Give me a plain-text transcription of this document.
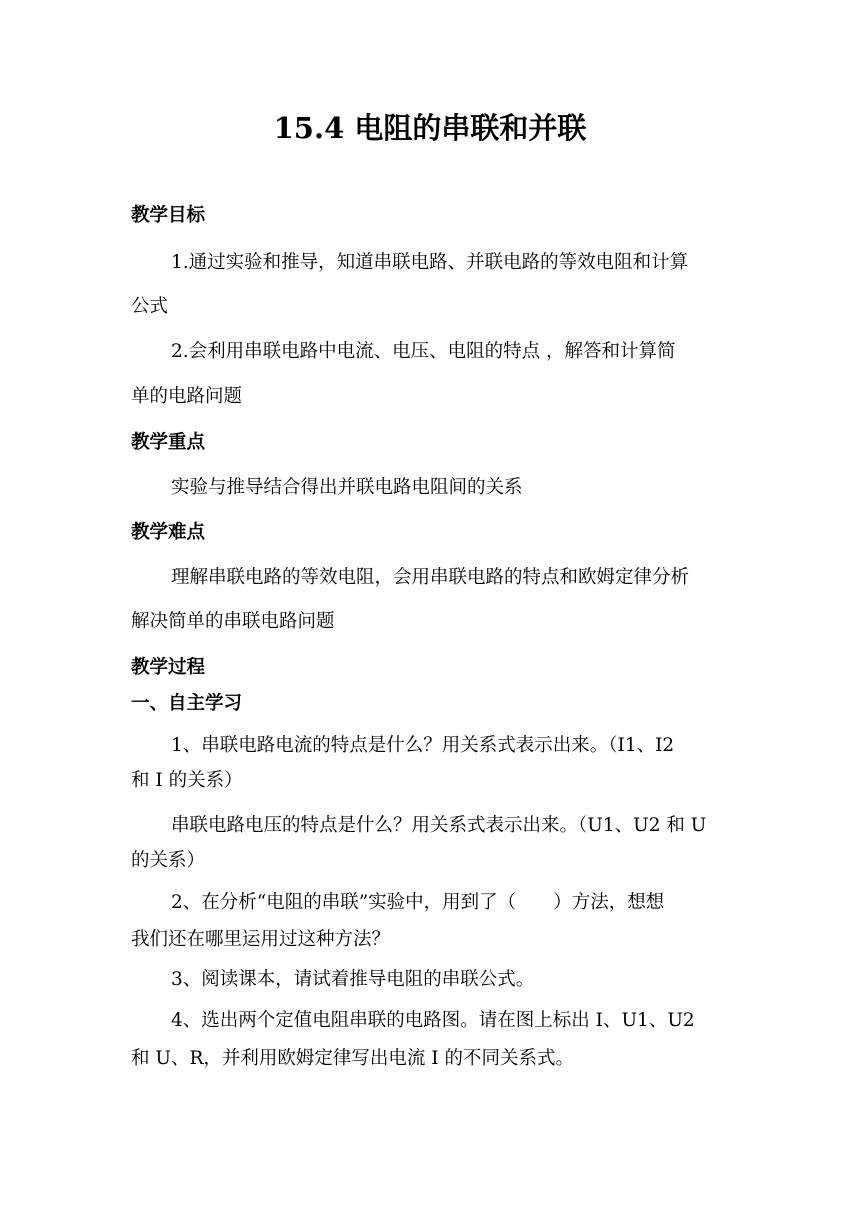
15.4 电阻的串联和并联
教学目标
1.通过实验和推导，知道串联电路、并联电路的等效电阻和计算
公式
2.会利用串联电路中电流、电压、电阻的特点 ，解答和计算简
单的电路问题
教学重点
实验与推导结合得出并联电路电阻间的关系
教学难点
理解串联电路的等效电阻，会用串联电路的特点和欧姆定律分析
解决简单的串联电路问题
教学过程
一、自主学习
1、串联电路电流的特点是什么？用关系式表示出来。（I1、I2
和 I 的关系）
串联电路电压的特点是什么？用关系式表示出来。（U1、U2 和 U
的关系）
2、在分析“电阻的串联”实验中，用到了（　　）方法，想想
我们还在哪里运用过这种方法？
3、阅读课本，请试着推导电阻的串联公式。
4、选出两个定值电阻串联的电路图。请在图上标出 I、U1、U2
和 U、R，并利用欧姆定律写出电流 I 的不同关系式。
